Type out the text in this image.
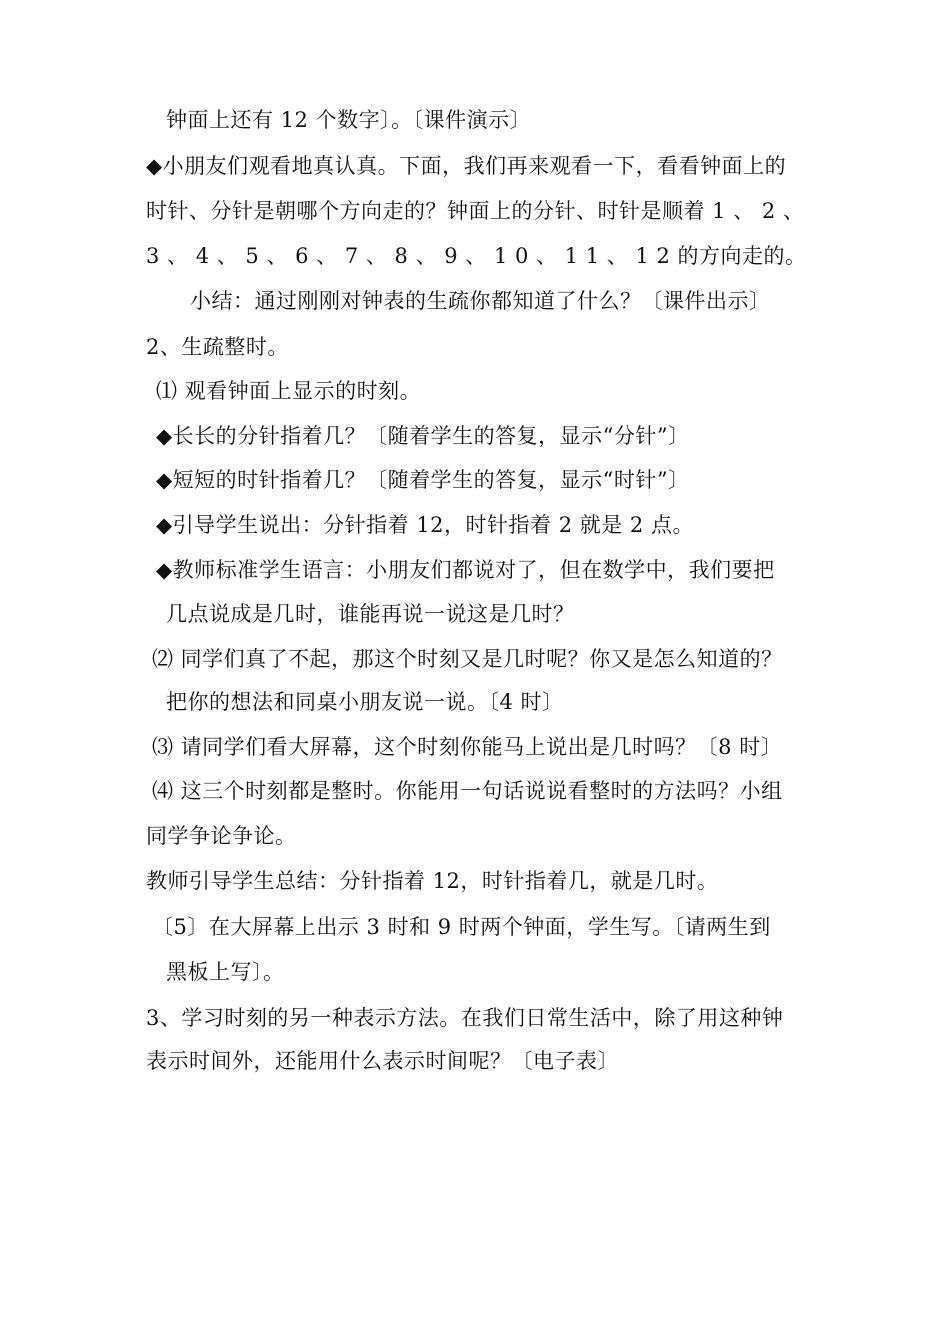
钟面上还有 12 个数字〕。〔课件演示〕
◆小朋友们观看地真认真。下面，我们再来观看一下，看看钟面上的
时针、分针是朝哪个方向走的？钟面上的分针、时针是顺着 1 、 2 、
3 、 4 、 5 、 6 、 7 、 8 、 9 、 1 0 、 1 1 、 1 2 的方向走的。
小结：通过刚刚对钟表的生疏你都知道了什么？〔课件出示〕
2、生疏整时。
⑴ 观看钟面上显示的时刻。
◆长长的分针指着几？〔随着学生的答复，显示“分针”〕
◆短短的时针指着几？〔随着学生的答复，显示“时针”〕
◆引导学生说出：分针指着 12，时针指着 2 就是 2 点。
◆教师标准学生语言：小朋友们都说对了，但在数学中，我们要把
几点说成是几时，谁能再说一说这是几时？
⑵ 同学们真了不起，那这个时刻又是几时呢？你又是怎么知道的？
把你的想法和同桌小朋友说一说。〔4 时〕
⑶ 请同学们看大屏幕，这个时刻你能马上说出是几时吗？〔8 时〕
⑷ 这三个时刻都是整时。你能用一句话说说看整时的方法吗？小组
同学争论争论。
教师引导学生总结：分针指着 12，时针指着几，就是几时。
〔5〕在大屏幕上出示 3 时和 9 时两个钟面，学生写。〔请两生到
黑板上写〕。
3、学习时刻的另一种表示方法。在我们日常生活中，除了用这种钟
表示时间外，还能用什么表示时间呢？〔电子表〕
